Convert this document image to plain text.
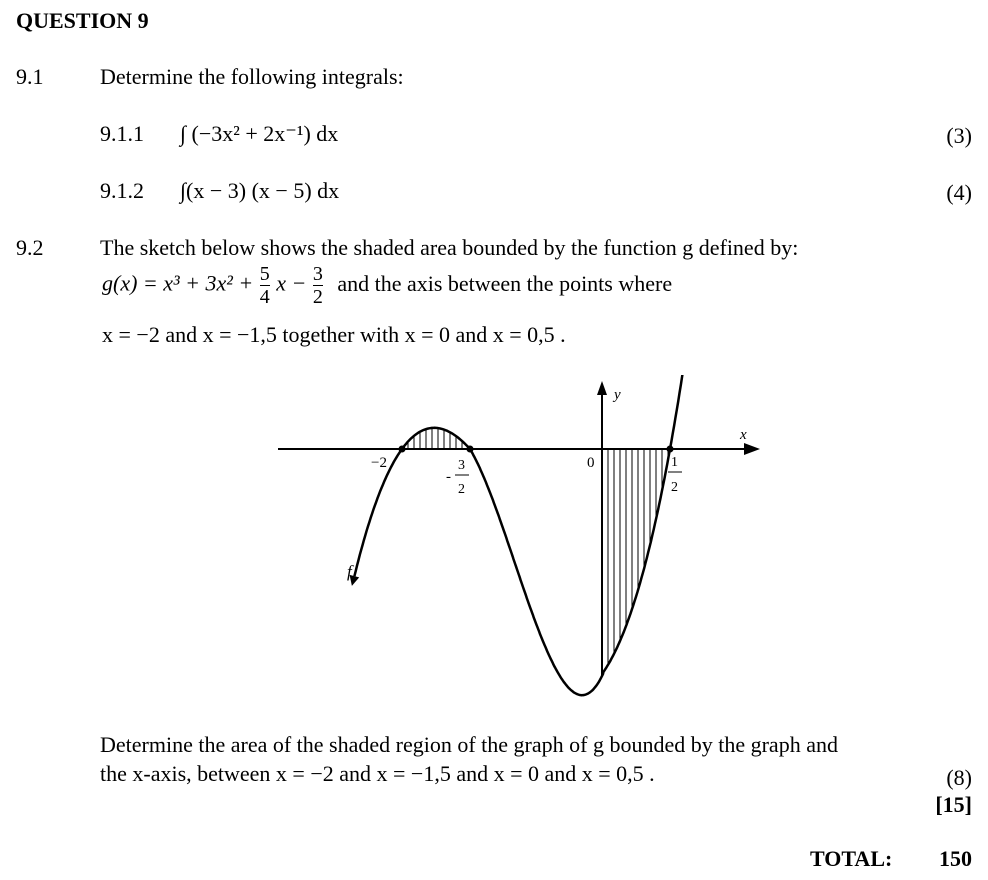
QUESTION 9
9.1	Determine the following integrals:
9.1.1 ∫ (−3x² + 2x⁻¹) dx	(3)
9.1.2 ∫(x − 3) (x − 5) dx	(4)
9.2	The sketch below shows the shaded area bounded by the function g defined by:
$g(x) = x^3 + 3x^2 + \frac{5}{4}$ $x - \frac{3}{2}$ and the axis between the points where
x = −2 and x = −1,5 together with x = 0 and x = 0,5 .
y
x
0
−2
-
3
2
1
2
f
Determine the area of the shaded region of the graph of g bounded by the graph and
the x-axis, between x = −2 and x = −1,5 and x = 0 and x = 0,5 .	(8)
[15]
TOTAL: 150
